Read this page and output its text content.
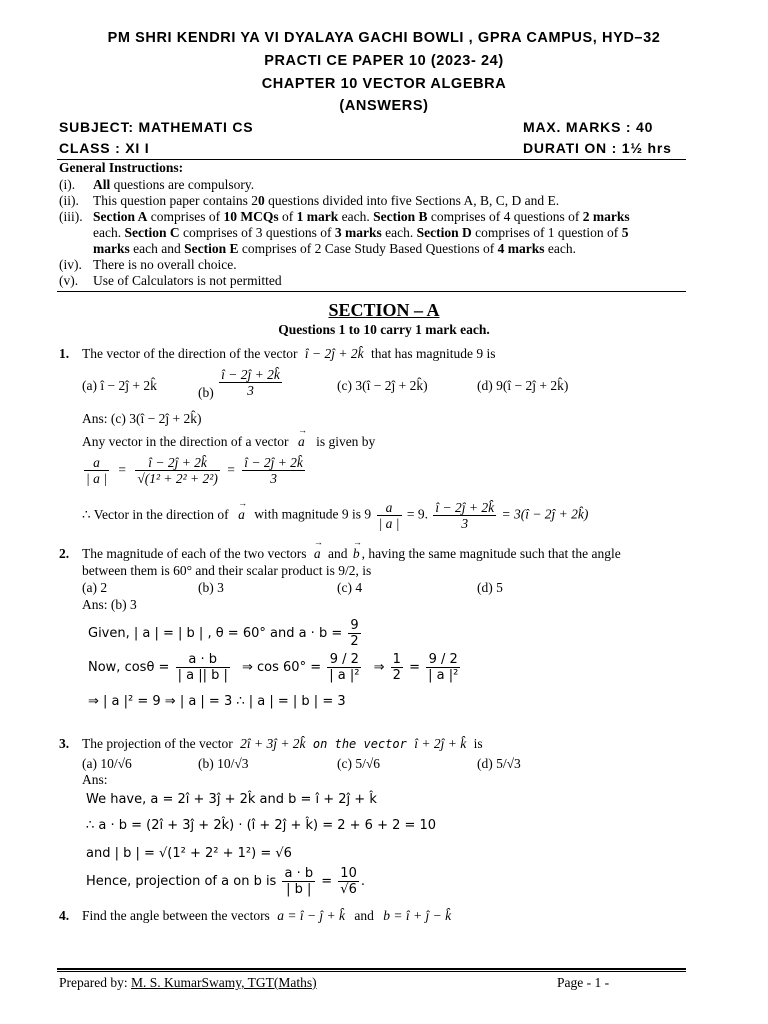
PM SHRI KENDRI YA VI DYALAYA GACHI BOWLI , GPRA CAMPUS, HYD–32
PRACTI CE PAPER 10 (2023- 24)
CHAPTER 10 VECTOR ALGEBRA
(ANSWERS)
SUBJECT: MATHEMATI CS	MAX. MARKS : 40
CLASS : XI I	DURATI ON : 1½ hrs
General Instructions:
(i). All questions are compulsory.
(ii). This question paper contains 20 questions divided into five Sections A, B, C, D and E.
(iii). Section A comprises of 10 MCQs of 1 mark each. Section B comprises of 4 questions of 2 marks
each. Section C comprises of 3 questions of 3 marks each. Section D comprises of 1 question of 5
marks each and Section E comprises of 2 Case Study Based Questions of 4 marks each.
(iv). There is no overall choice.
(v). Use of Calculators is not permitted
SECTION – A
Questions 1 to 10 carry 1 mark each.
1. The vector of the direction of the vector î − 2ĵ + 2k̂ that has magnitude 9 is
(a) î − 2ĵ + 2k̂	$(b) \frac{î - 2ĵ + 2k̂}{3}$	(c) 3(î − 2ĵ + 2k̂)	(d) 9(î − 2ĵ + 2k̂)
Ans: (c) 3(î − 2ĵ + 2k̂)
Any vector in the direction of a vector → a is given by
$\frac{a}{| a |} = \frac{î - 2ĵ + 2k̂}{\text{√(1² + 2² + 2²)}} = \frac{î - 2ĵ + 2k̂}{3}$
∴ Vector in the direction of → a with magnitude 9 is $9 \frac{a}{| a |} = 9$. $\frac{î - 2ĵ + 2k̂}{3}$ = 3(î − 2ĵ + 2k̂)
2. The magnitude of each of the two vectors → a and → b , having the same magnitude such that the angle
between them is 60° and their scalar product is 9/2, is
(a) 2	(b) 3	(c) 4	(d) 5
Ans: (b) 3
Given, | a | = | b | , θ = 60° and $a \cdot b = \frac{9}{2}$
Now, $\cos\theta = \frac{a \cdot b}{| a || b |}$ ⇒ $\cos 60^\circ = \frac{9 / 2}{\text{| a |²}}$ ⇒ $\frac{1}{2} = \frac{9 / 2}{\text{| a |²}}$
⇒ | a |² = 9 ⇒ | a | = 3 ∴ | a | = | b | = 3
3. The projection of the vector 2î + 3ĵ + 2k̂ on the vector î + 2ĵ + k̂ is
(a) 10/√6	(b) 10/√3	(c) 5/√6	(d) 5/√3
Ans:
We have, a = 2î + 3ĵ + 2k̂ and b = î + 2ĵ + k̂
∴ a · b = (2î + 3ĵ + 2k̂) · (î + 2ĵ + k̂) = 2 + 6 + 2 = 10
and | b | = √(1² + 2² + 1²) = √6
Hence, projection of a on b is $\frac{a \cdot b}{| b |} = \frac{10}{√6}$ .
4. Find the angle between the vectors a = î − ĵ + k̂ and b = î + ĵ − k̂
Prepared by: M. S. KumarSwamy, TGT(Maths)	Page - 1 -
